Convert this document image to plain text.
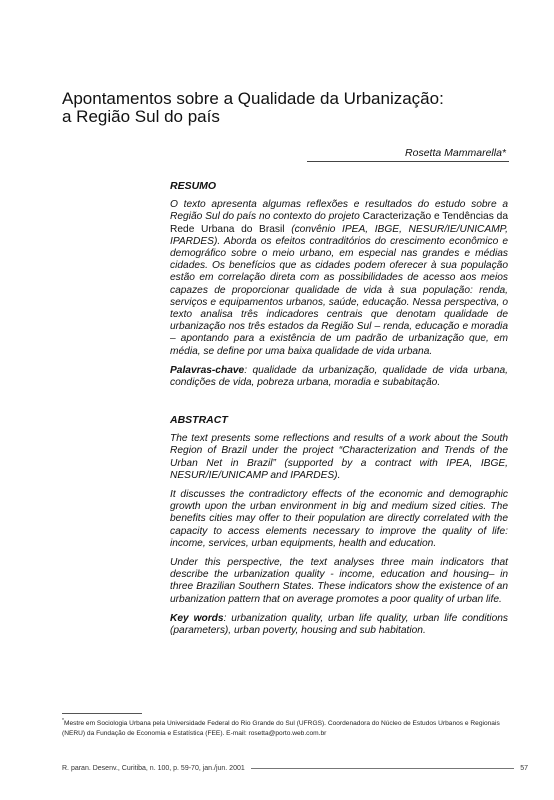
Apontamentos sobre a Qualidade da Urbanização:
a Região Sul do país
Rosetta Mammarella*
RESUMO

O texto apresenta algumas reflexões e resultados do estudo sobre a Região Sul do país no contexto do projeto Caracterização e Tendências da Rede Urbana do Brasil (convênio IPEA, IBGE, NESUR/IE/UNICAMP, IPARDES). Aborda os efeitos contraditórios do crescimento econômico e demográfico sobre o meio urbano, em especial nas grandes e médias cidades. Os benefícios que as cidades podem oferecer à sua população estão em correlação direta com as possibilidades de acesso aos meios capazes de proporcionar qualidade de vida à sua população: renda, serviços e equipamentos urbanos, saúde, educação. Nessa perspectiva, o texto analisa três indicadores centrais que denotam qualidade de urbanização nos três estados da Região Sul – renda, educação e moradia – apontando para a existência de um padrão de urbanização que, em média, se define por uma baixa qualidade de vida urbana.

Palavras-chave: qualidade da urbanização, qualidade de vida urbana, condições de vida, pobreza urbana, moradia e subabitação.

ABSTRACT

The text presents some reflections and results of a work about the South Region of Brazil under the project “Characterization and Trends of the Urban Net in Brazil” (supported by a contract with IPEA, IBGE, NESUR/IE/UNICAMP and IPARDES).

It discusses the contradictory effects of the economic and demographic growth upon the urban environment in big and medium sized cities. The benefits cities may offer to their population are directly correlated with the capacity to access elements necessary to improve the quality of life: income, services, urban equipments, health and education.

Under this perspective, the text analyses three main indicators that describe the urbanization quality - income, education and housing– in three Brazilian Southern States. These indicators show the existence of an urbanization pattern that on average promotes a poor quality of urban life.

Key words: urbanization quality, urban life quality, urban life conditions (parameters), urban poverty, housing and sub habitation.

*Mestre em Sociologia Urbana pela Universidade Federal do Rio Grande do Sul (UFRGS). Coordenadora do Núcleo de Estudos Urbanos e Regionais (NERU) da Fundação de Economia e Estatística (FEE). E-mail: rosetta@porto.web.com.br
R. paran. Desenv., Curitiba, n. 100, p. 59-70, jan./jun. 2001	57
